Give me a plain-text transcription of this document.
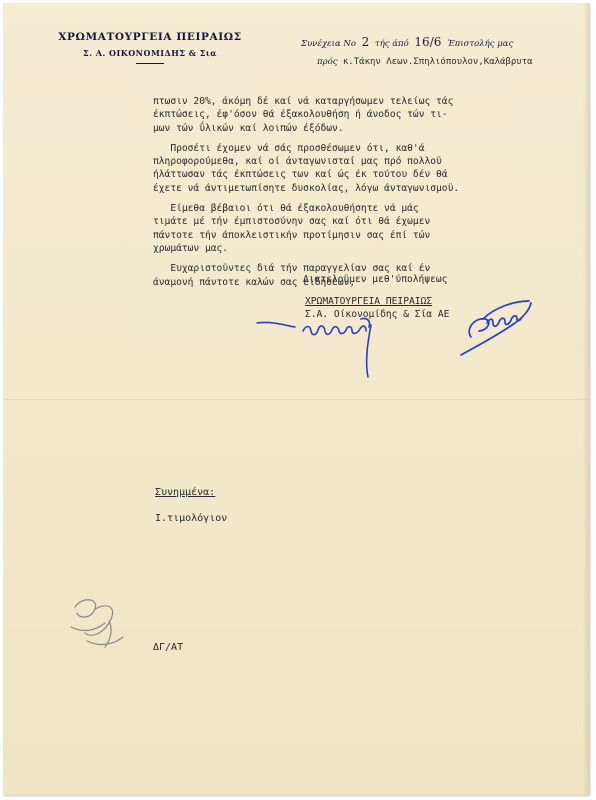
ΧΡΩΜΑΤΟΥΡΓΕΙΑ ΠΕΙΡΑΙΩΣ
Σ. Α. ΟΙΚΟΝΟΜΙΔΗΣ & Σια
Συνέχεια No 2 τής άπό 16/6 Έπιστολής μας
πρός κ.Τάκην Λεων.Σπηλιόπουλον,Καλάβρυτα
πτωσιν 20%, άκόμη δέ καί νά καταργήσωμεν τελείως τάς
έκπτώσεις, έφ'όσον θά έξακολουθήση ή άνοδος τών τι-
μων τών ΰλικών καί λοιπών έξόδων.
Προσέτι έχομεν νά σάς προσθέσωμεν ότι, καθ'ά
πληροφορούμεθα, καί οί άνταγωνισταί μας πρό πολλοϋ
ήλάττωσαν τάς έκπτώσεις των καί ώς έκ τούτου δέν θά
έχετε νά άντιμετωπίσητε δυσκολίας, λόγω άνταγωνισμοϋ.
Είμεθα βέβαιοι ότι θά έξακολουθήσητε νά μάς
τιμάτε μέ τήν έμπιστοσύνην σας καί ότι θά έχωμεν
πάντοτε τήν άποκλειστικήν προτίμησιν σας έπί τών
χρωμάτων μας.
Ευχαριστοϋντες διά τήν παραγγελίαν σας καί έν
άναμονή πάντοτε καλών σας ειδήσεων,
Διατελοϋμεν μεθ'ύπολήψεως
ΧΡΩΜΑΤΟΥΡΓΕΙΑ ΠΕΙΡΑΙΩΣ
Σ.Α. Οίκονομίδης & Σία ΑΕ
Συνημμένα:
Ι.τιμολόγιον
ΔΓ/ΑΤ
